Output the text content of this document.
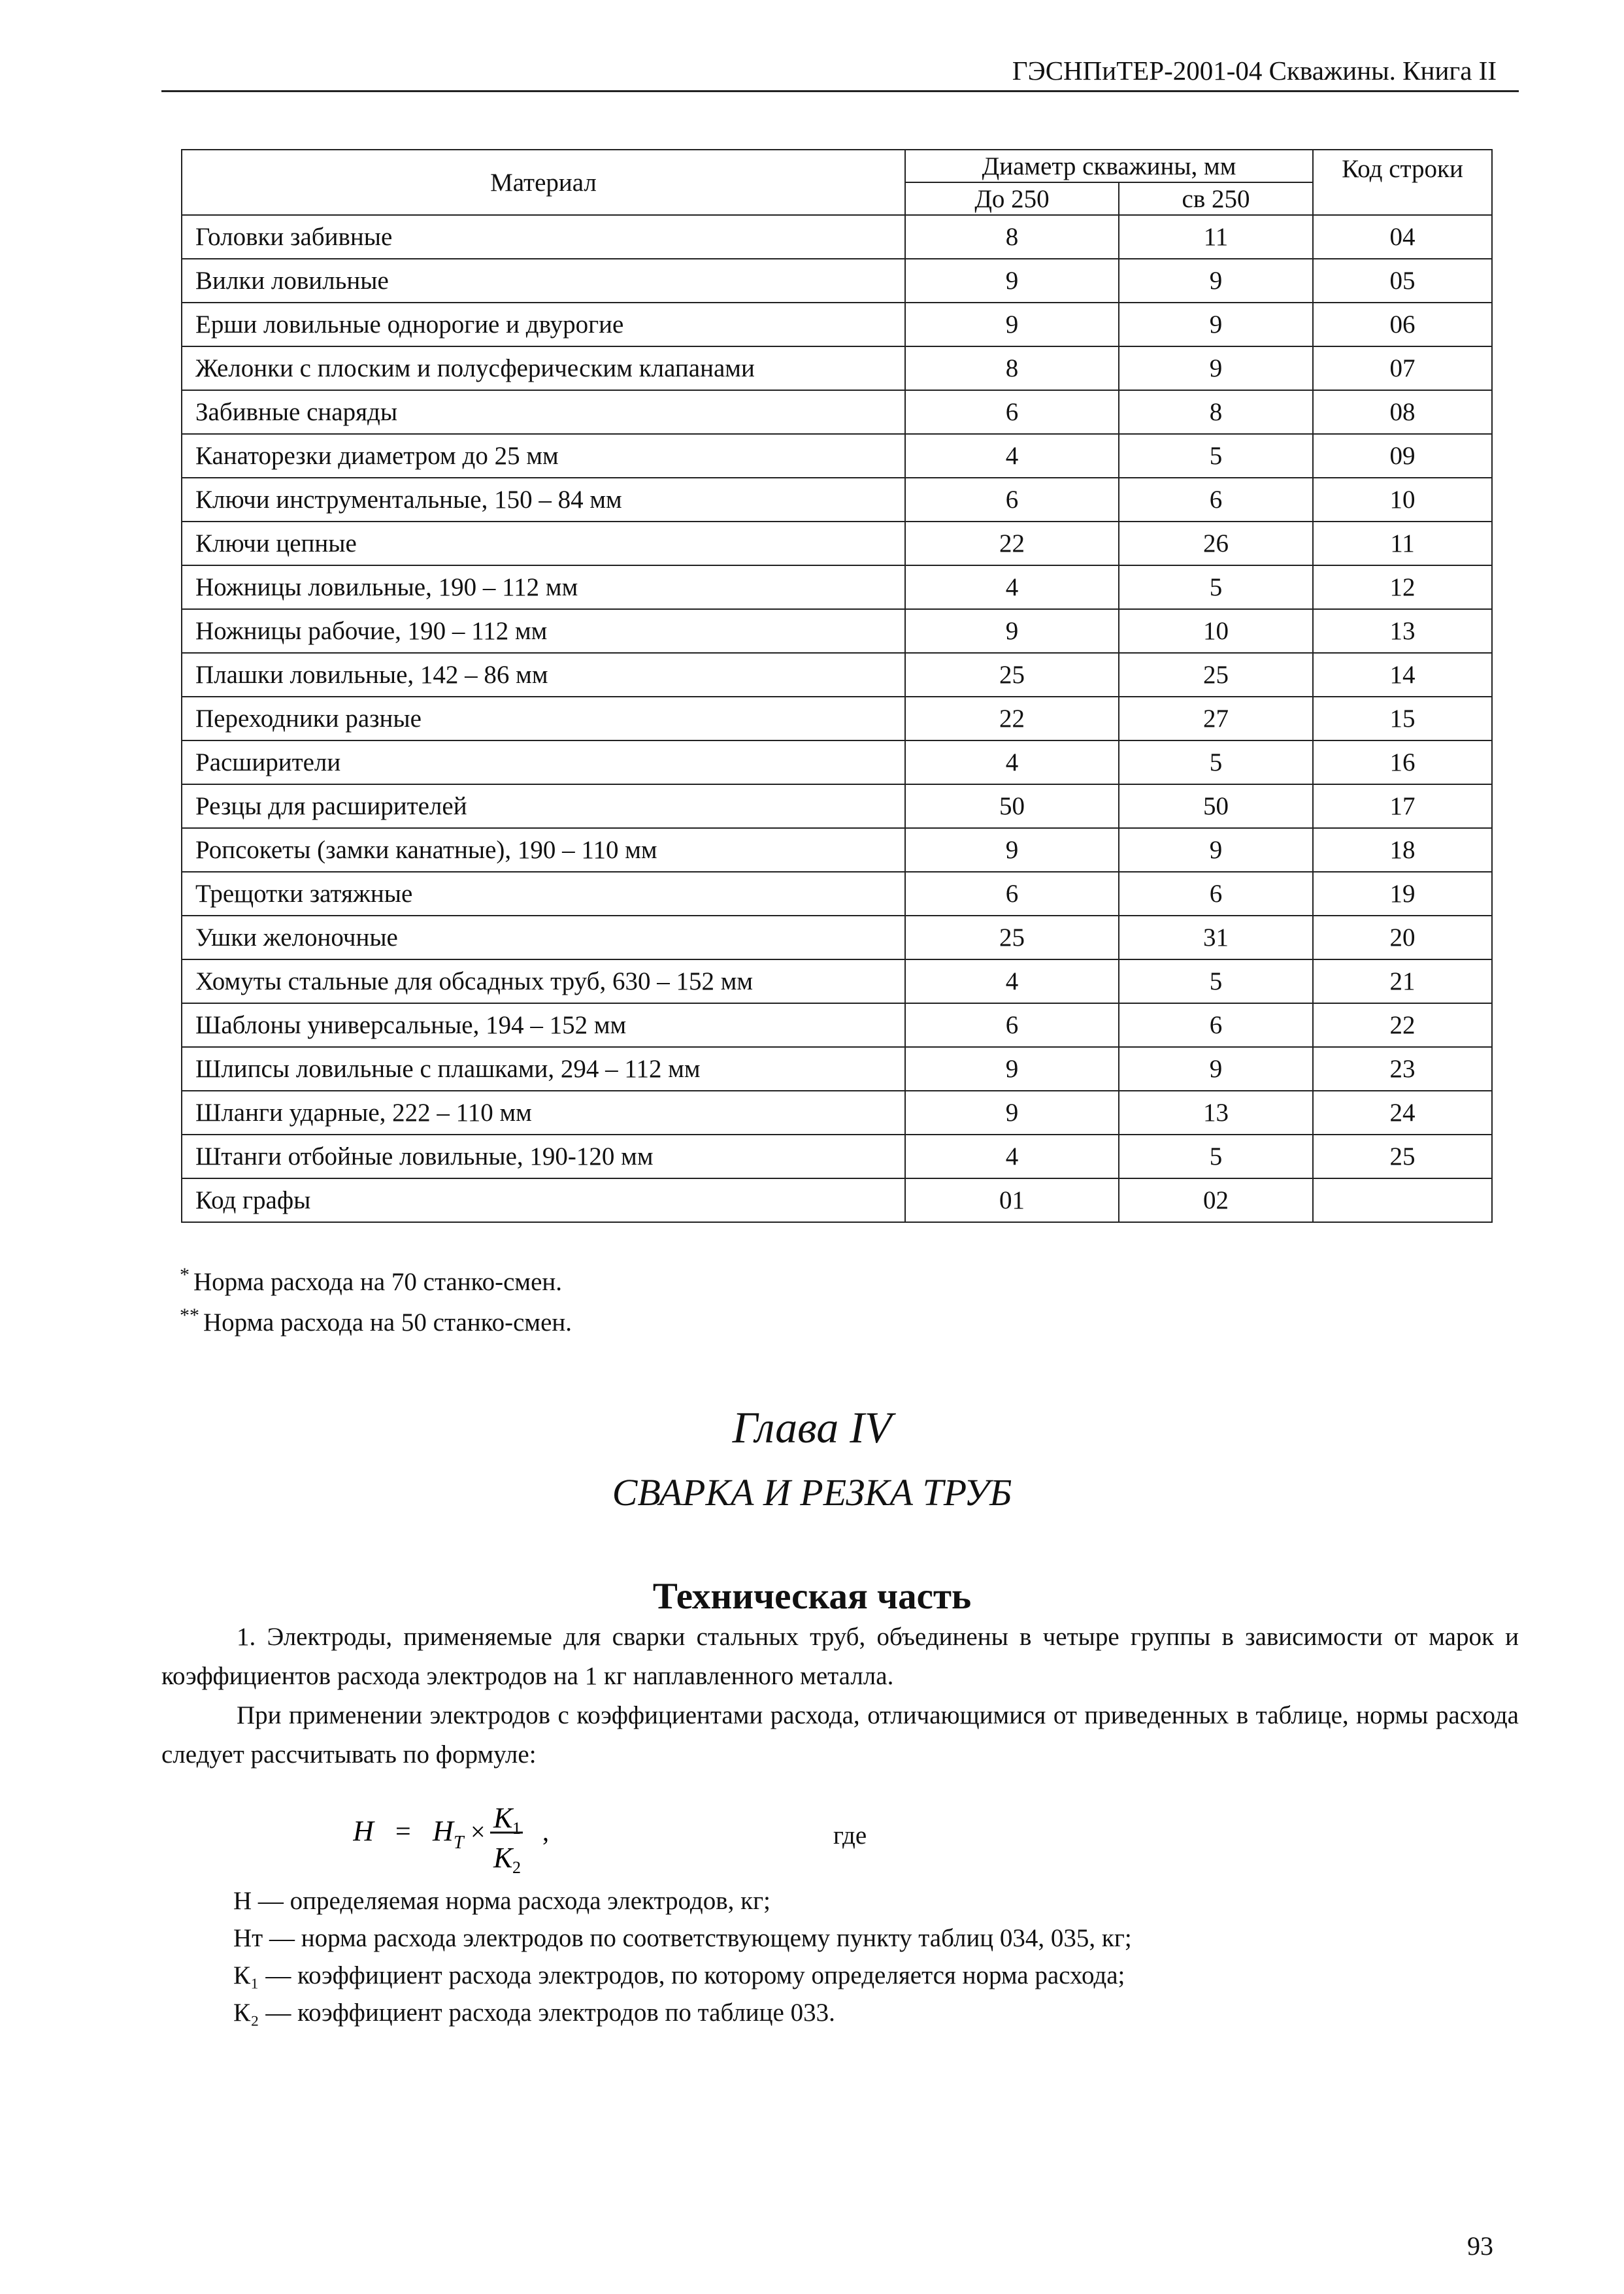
ГЭСНПиТЕР-2001-04 Скважины. Книга II
Материал	Диаметр скважины, мм		Код строки
	До 250	св 250	
Головки забивные	8	11	04
Вилки ловильные	9	9	05
Ерши ловильные однорогие и двурогие	9	9	06
Желонки с плоским и полусферическим клапанами	8	9	07
Забивные снаряды	6	8	08
Канаторезки диаметром до 25 мм	4	5	09
Ключи инструментальные, 150 – 84 мм	6	6	10
Ключи цепные	22	26	11
Ножницы ловильные, 190 – 112 мм	4	5	12
Ножницы рабочие, 190 – 112 мм	9	10	13
Плашки ловильные, 142 – 86 мм	25	25	14
Переходники разные	22	27	15
Расширители	4	5	16
Резцы для расширителей	50	50	17
Ропсокеты (замки канатные), 190 – 110 мм	9	9	18
Трещотки затяжные	6	6	19
Ушки желоночные	25	31	20
Хомуты стальные для обсадных труб, 630 – 152 мм	4	5	21
Шаблоны универсальные, 194 – 152 мм	6	6	22
Шлипсы ловильные с плашками, 294 – 112 мм	9	9	23
Шланги ударные, 222 – 110 мм	9	13	24
Штанги отбойные ловильные, 190-120 мм	4	5	25
Код графы	01	02	
* Норма расхода на 70 станко-смен.
** Норма расхода на 50 станко-смен.
Глава IV
СВАРКА И РЕЗКА ТРУБ
Техническая часть
1. Электроды, применяемые для сварки стальных труб, объединены в четыре группы в зависимости от марок и коэффициентов расхода электродов на 1 кг наплавленного металла.
При применении электродов с коэффициентами расхода, отличающимися от приведенных в таблице, нормы расхода следует рассчитывать по формуле:
H H K
K
= T × 1
2
,	где
Н — определяемая норма расхода электродов, кг;
Нт — норма расхода электродов по соответствующему пункту таблиц 034, 035, кг;
К₁ — коэффициент расхода электродов, по которому определяется норма расхода;
К₂ — коэффициент расхода электродов по таблице 033.
93
